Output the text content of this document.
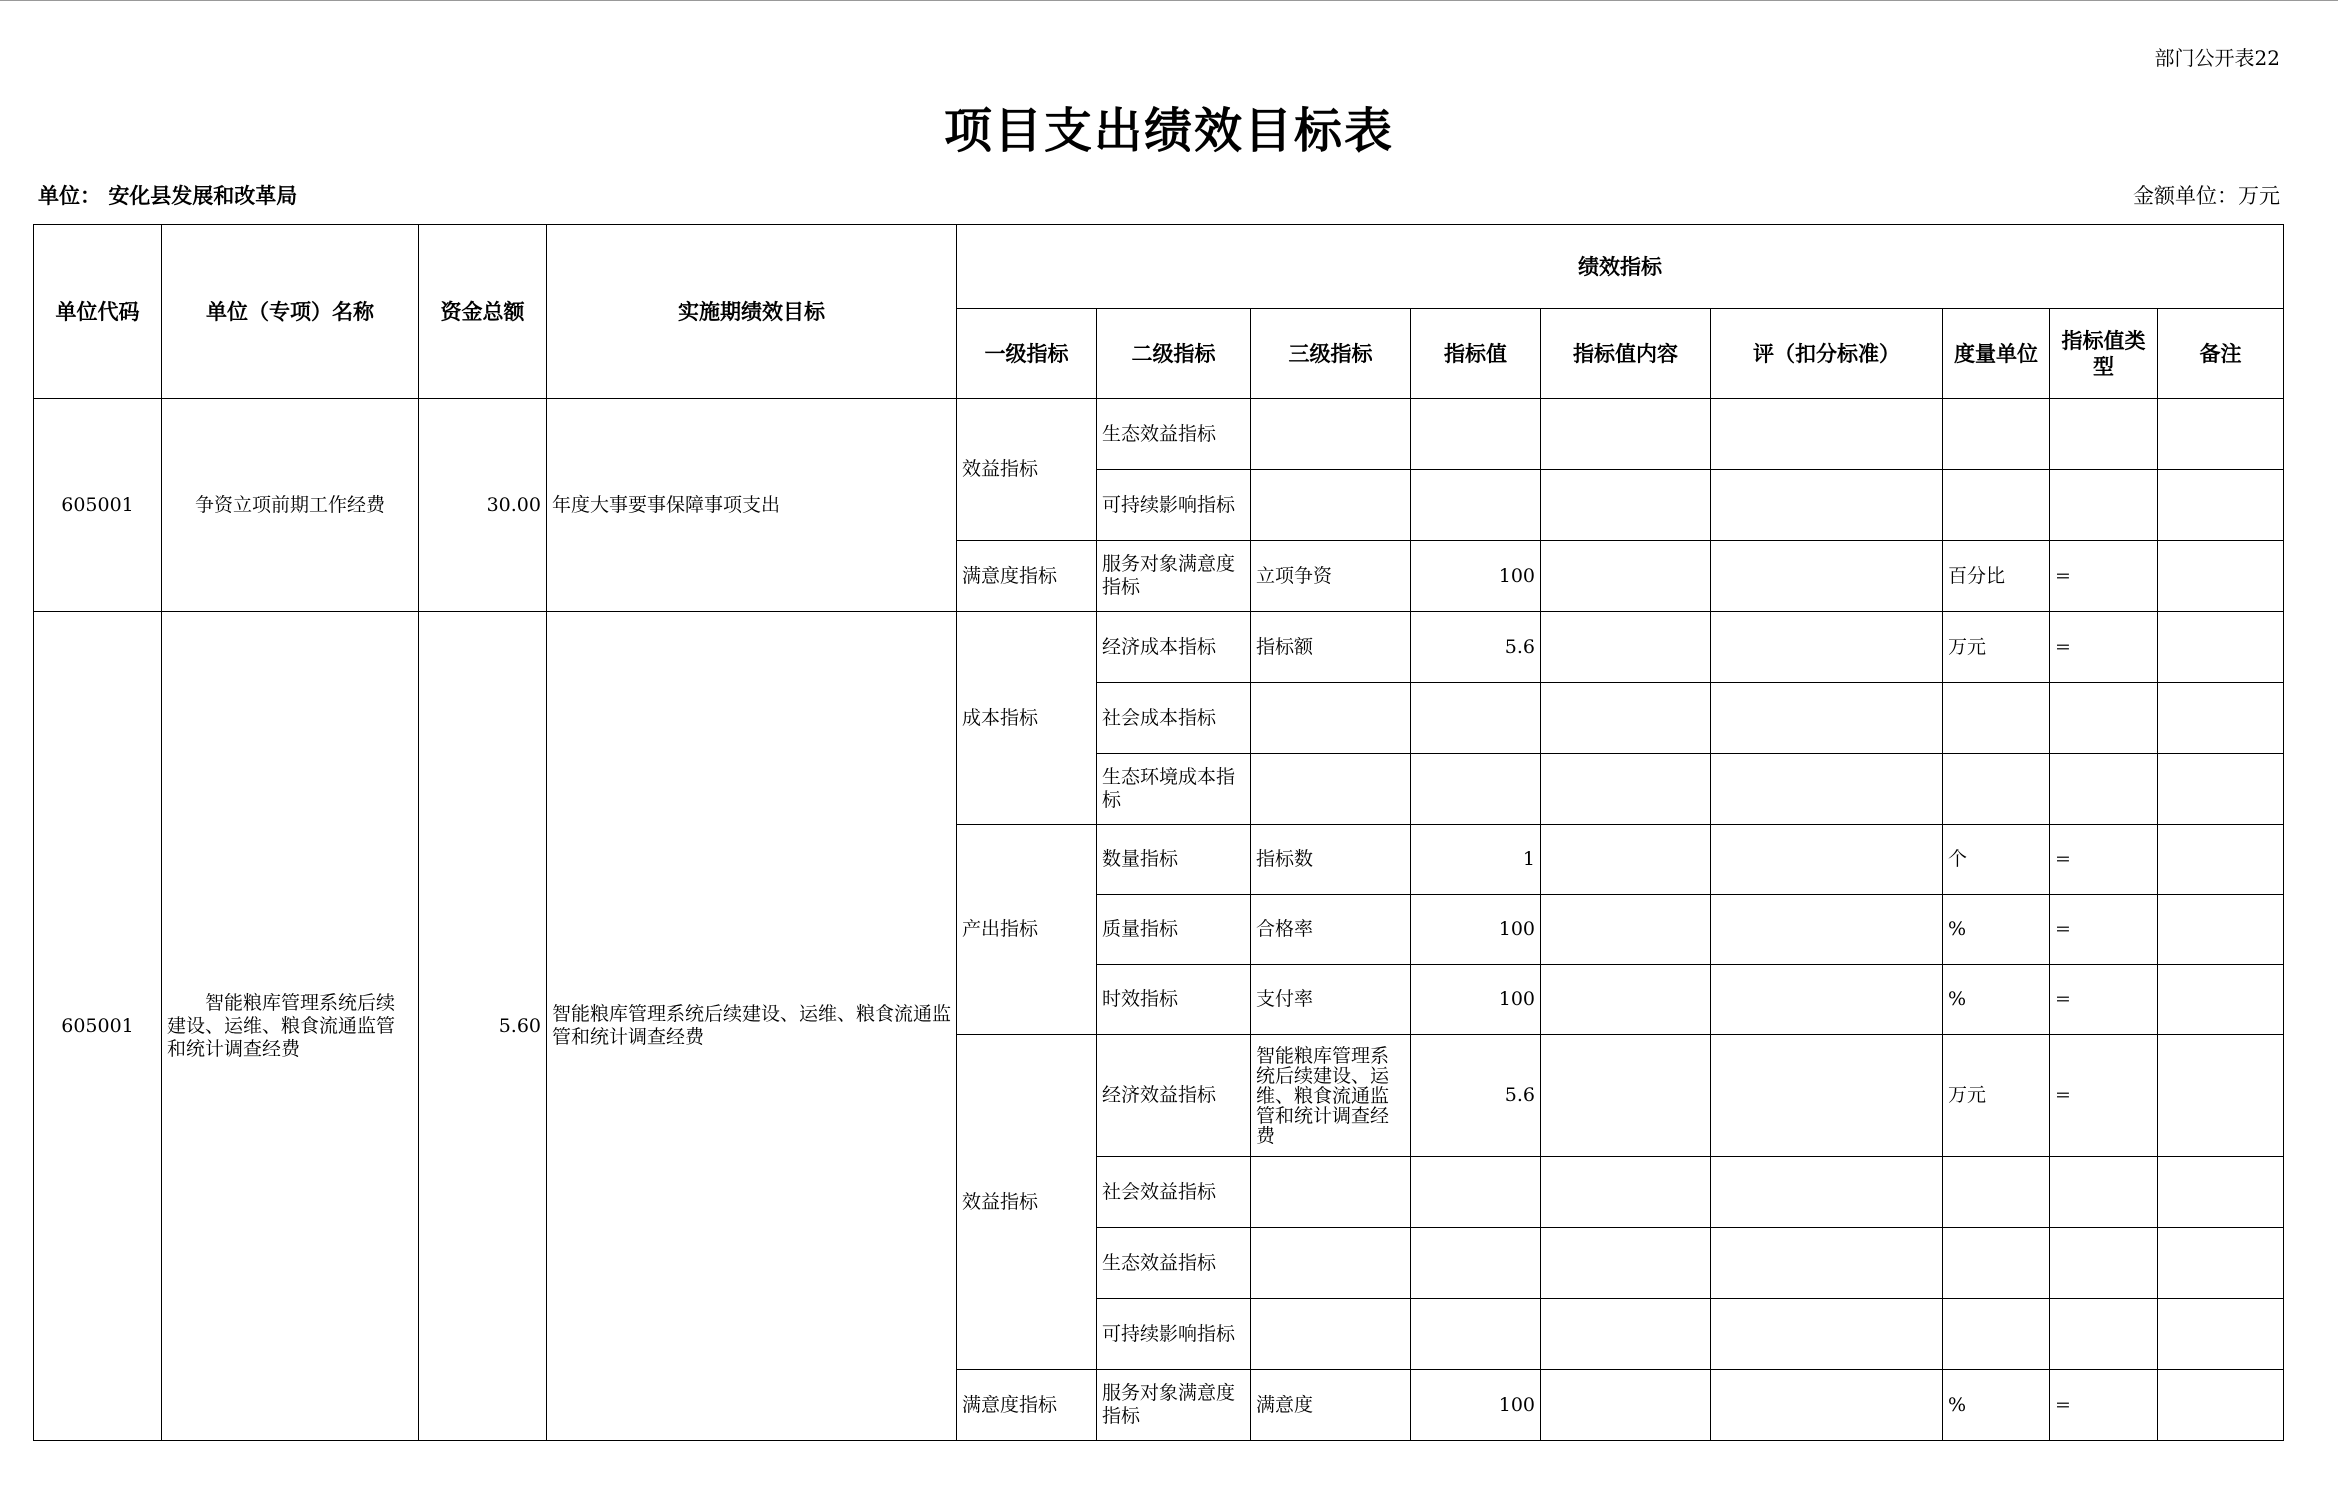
部门公开表22
项目支出绩效目标表
单位： 安化县发展和改革局	金额单位：万元
单位代码	单位（专项）名称	资金总额	实施期绩效目标	绩效指标								
				一级指标	二级指标	三级指标	指标值	指标值内容	评（扣分标准）	度量单位	指标值类型	备注
605001	争资立项前期工作经费	30.00	年度大事要事保障事项支出	效益指标	生态效益指标							
					可持续影响指标							
				满意度指标	服务对象满意度指标	立项争资	100			百分比	=	
605001	智能粮库管理系统后续建设、运维、粮食流通监管和统计调查经费	5.60	智能粮库管理系统后续建设、运维、粮食流通监管和统计调查经费	成本指标	经济成本指标	指标额	5.6			万元	=	
					社会成本指标							
					生态环境成本指标							
				产出指标	数量指标	指标数	1			个	=	
					质量指标	合格率	100			%	=	
					时效指标	支付率	100			%	=	
				效益指标	经济效益指标	智能粮库管理系统后续建设、运维、粮食流通监管和统计调查经费	5.6			万元	=	
					社会效益指标							
					生态效益指标							
					可持续影响指标							
				满意度指标	服务对象满意度指标	满意度	100			%	=	
